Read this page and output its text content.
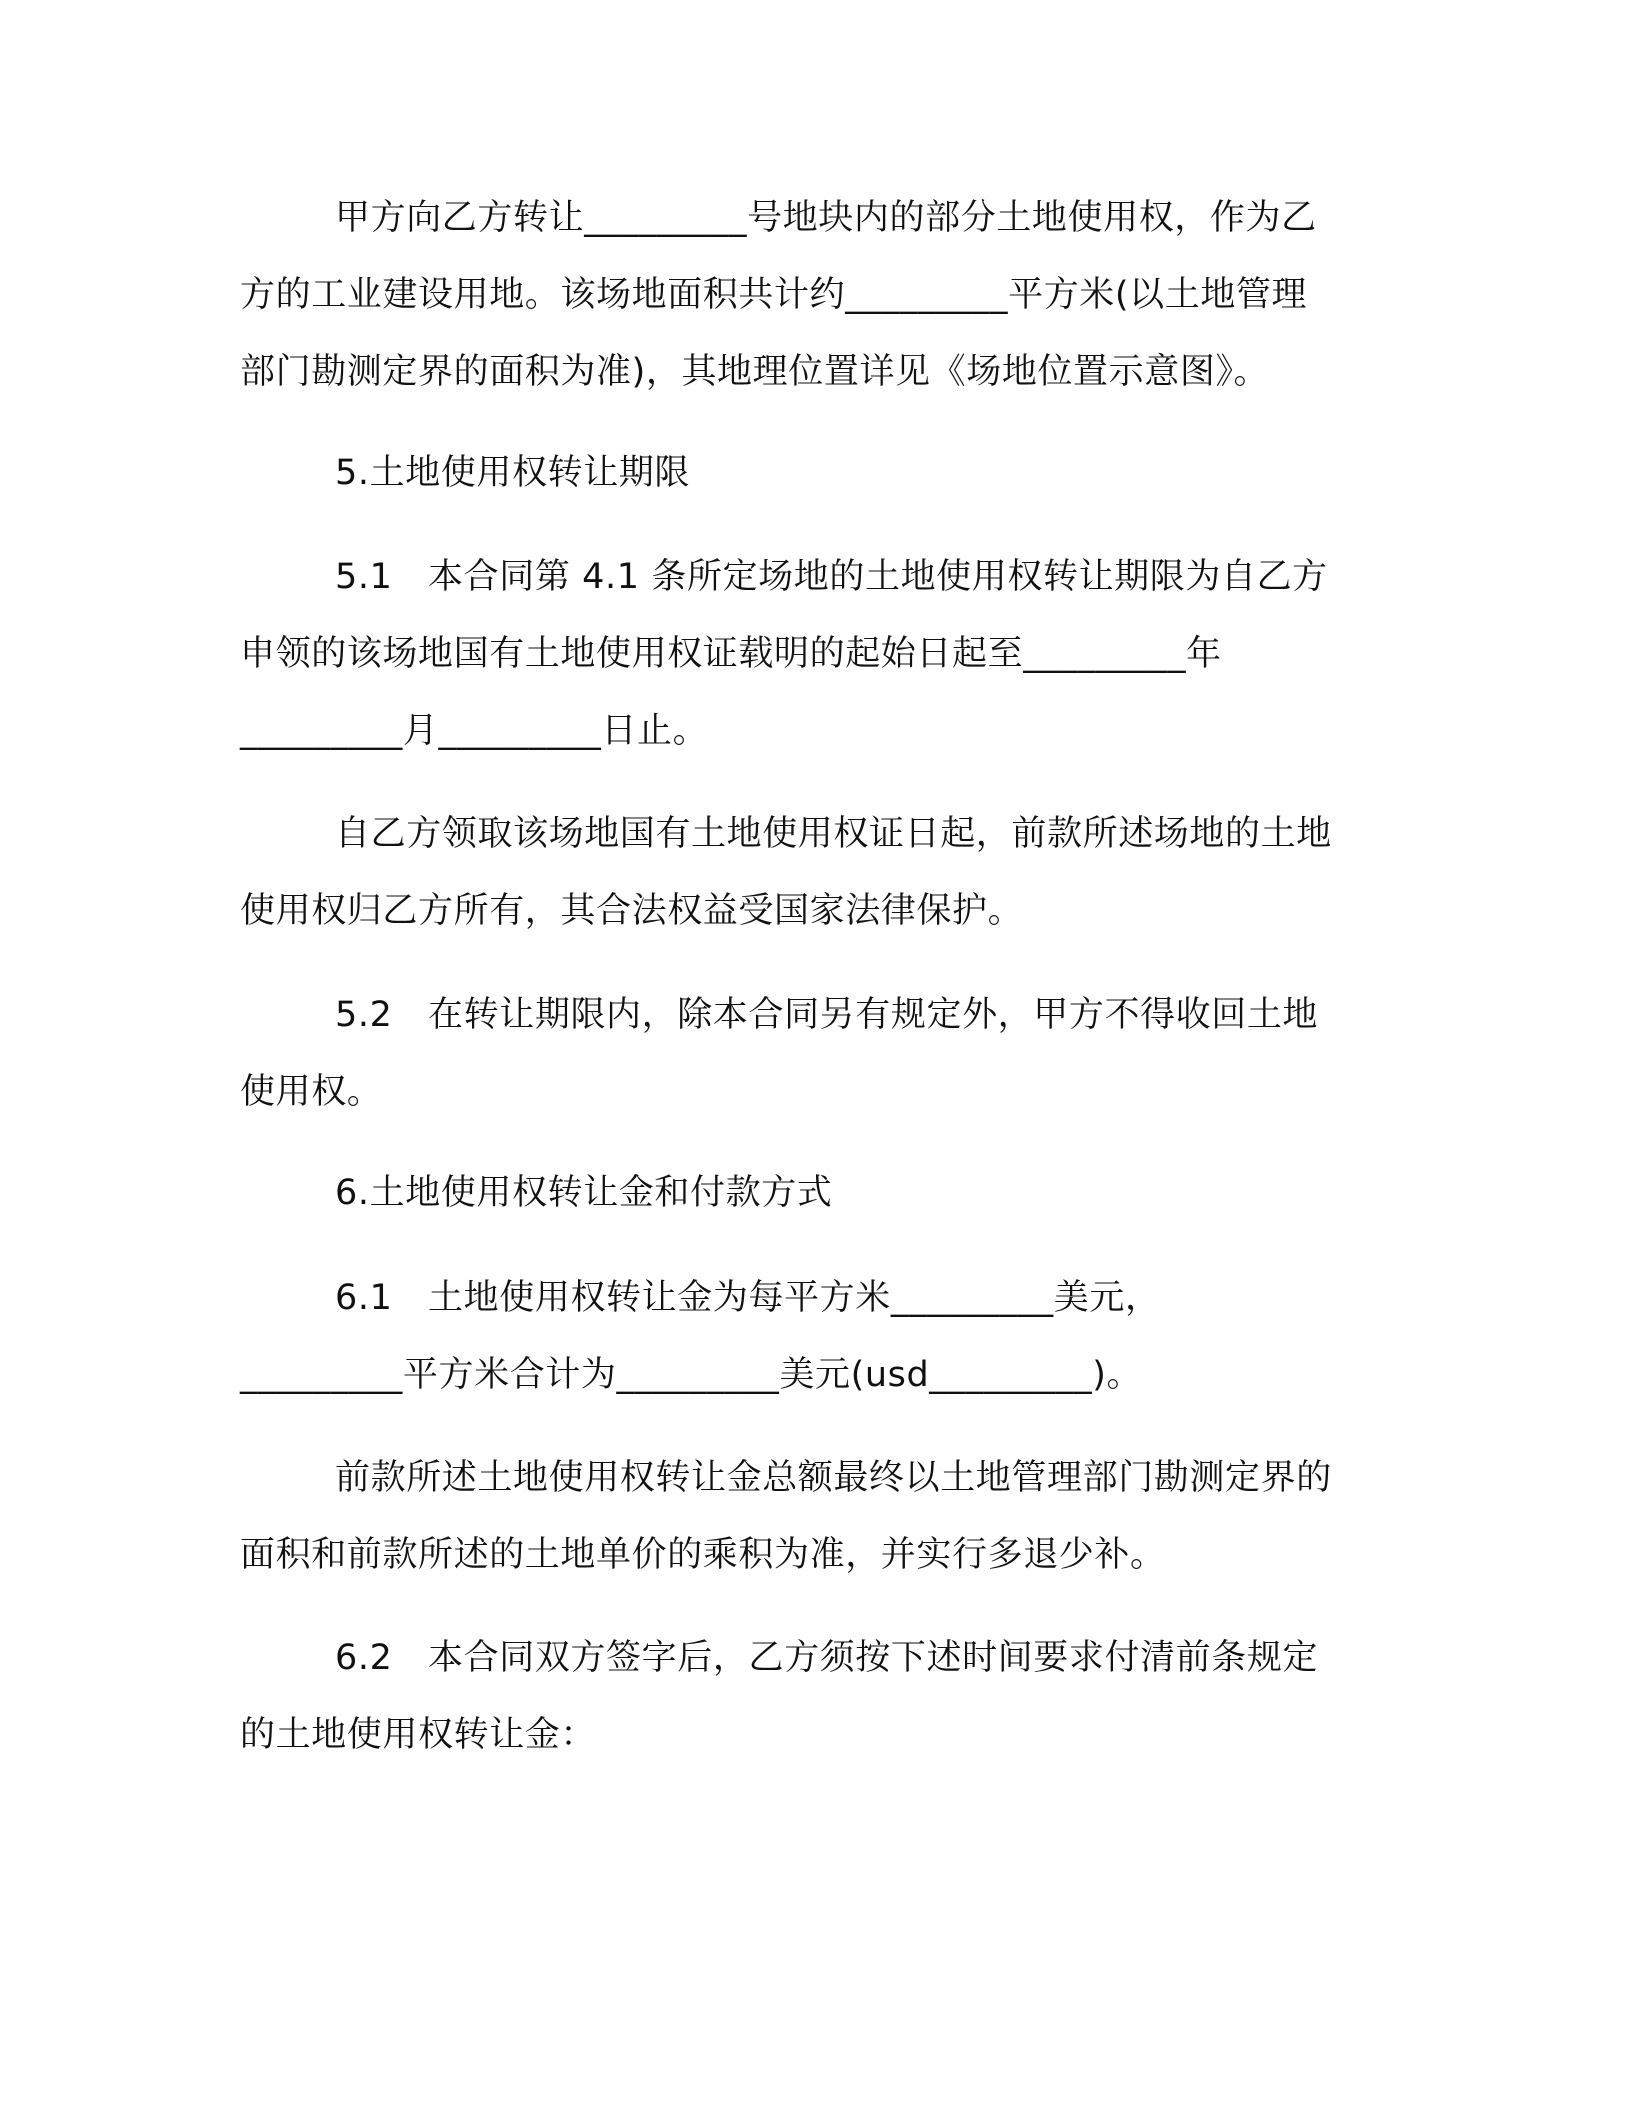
甲方向乙方转让_________号地块内的部分土地使用权，作为乙
方的工业建设用地。该场地面积共计约_________平方米(以土地管理
部门勘测定界的面积为准)，其地理位置详见《场地位置示意图》。
5.土地使用权转让期限
5.1　本合同第 4.1 条所定场地的土地使用权转让期限为自乙方
申领的该场地国有土地使用权证载明的起始日起至_________年
_________月_________日止。
自乙方领取该场地国有土地使用权证日起，前款所述场地的土地
使用权归乙方所有，其合法权益受国家法律保护。
5.2　在转让期限内，除本合同另有规定外，甲方不得收回土地
使用权。
6.土地使用权转让金和付款方式
6.1　土地使用权转让金为每平方米_________美元，
_________平方米合计为_________美元(usd_________)。
前款所述土地使用权转让金总额最终以土地管理部门勘测定界的
面积和前款所述的土地单价的乘积为准，并实行多退少补。
6.2　本合同双方签字后，乙方须按下述时间要求付清前条规定
的土地使用权转让金：
